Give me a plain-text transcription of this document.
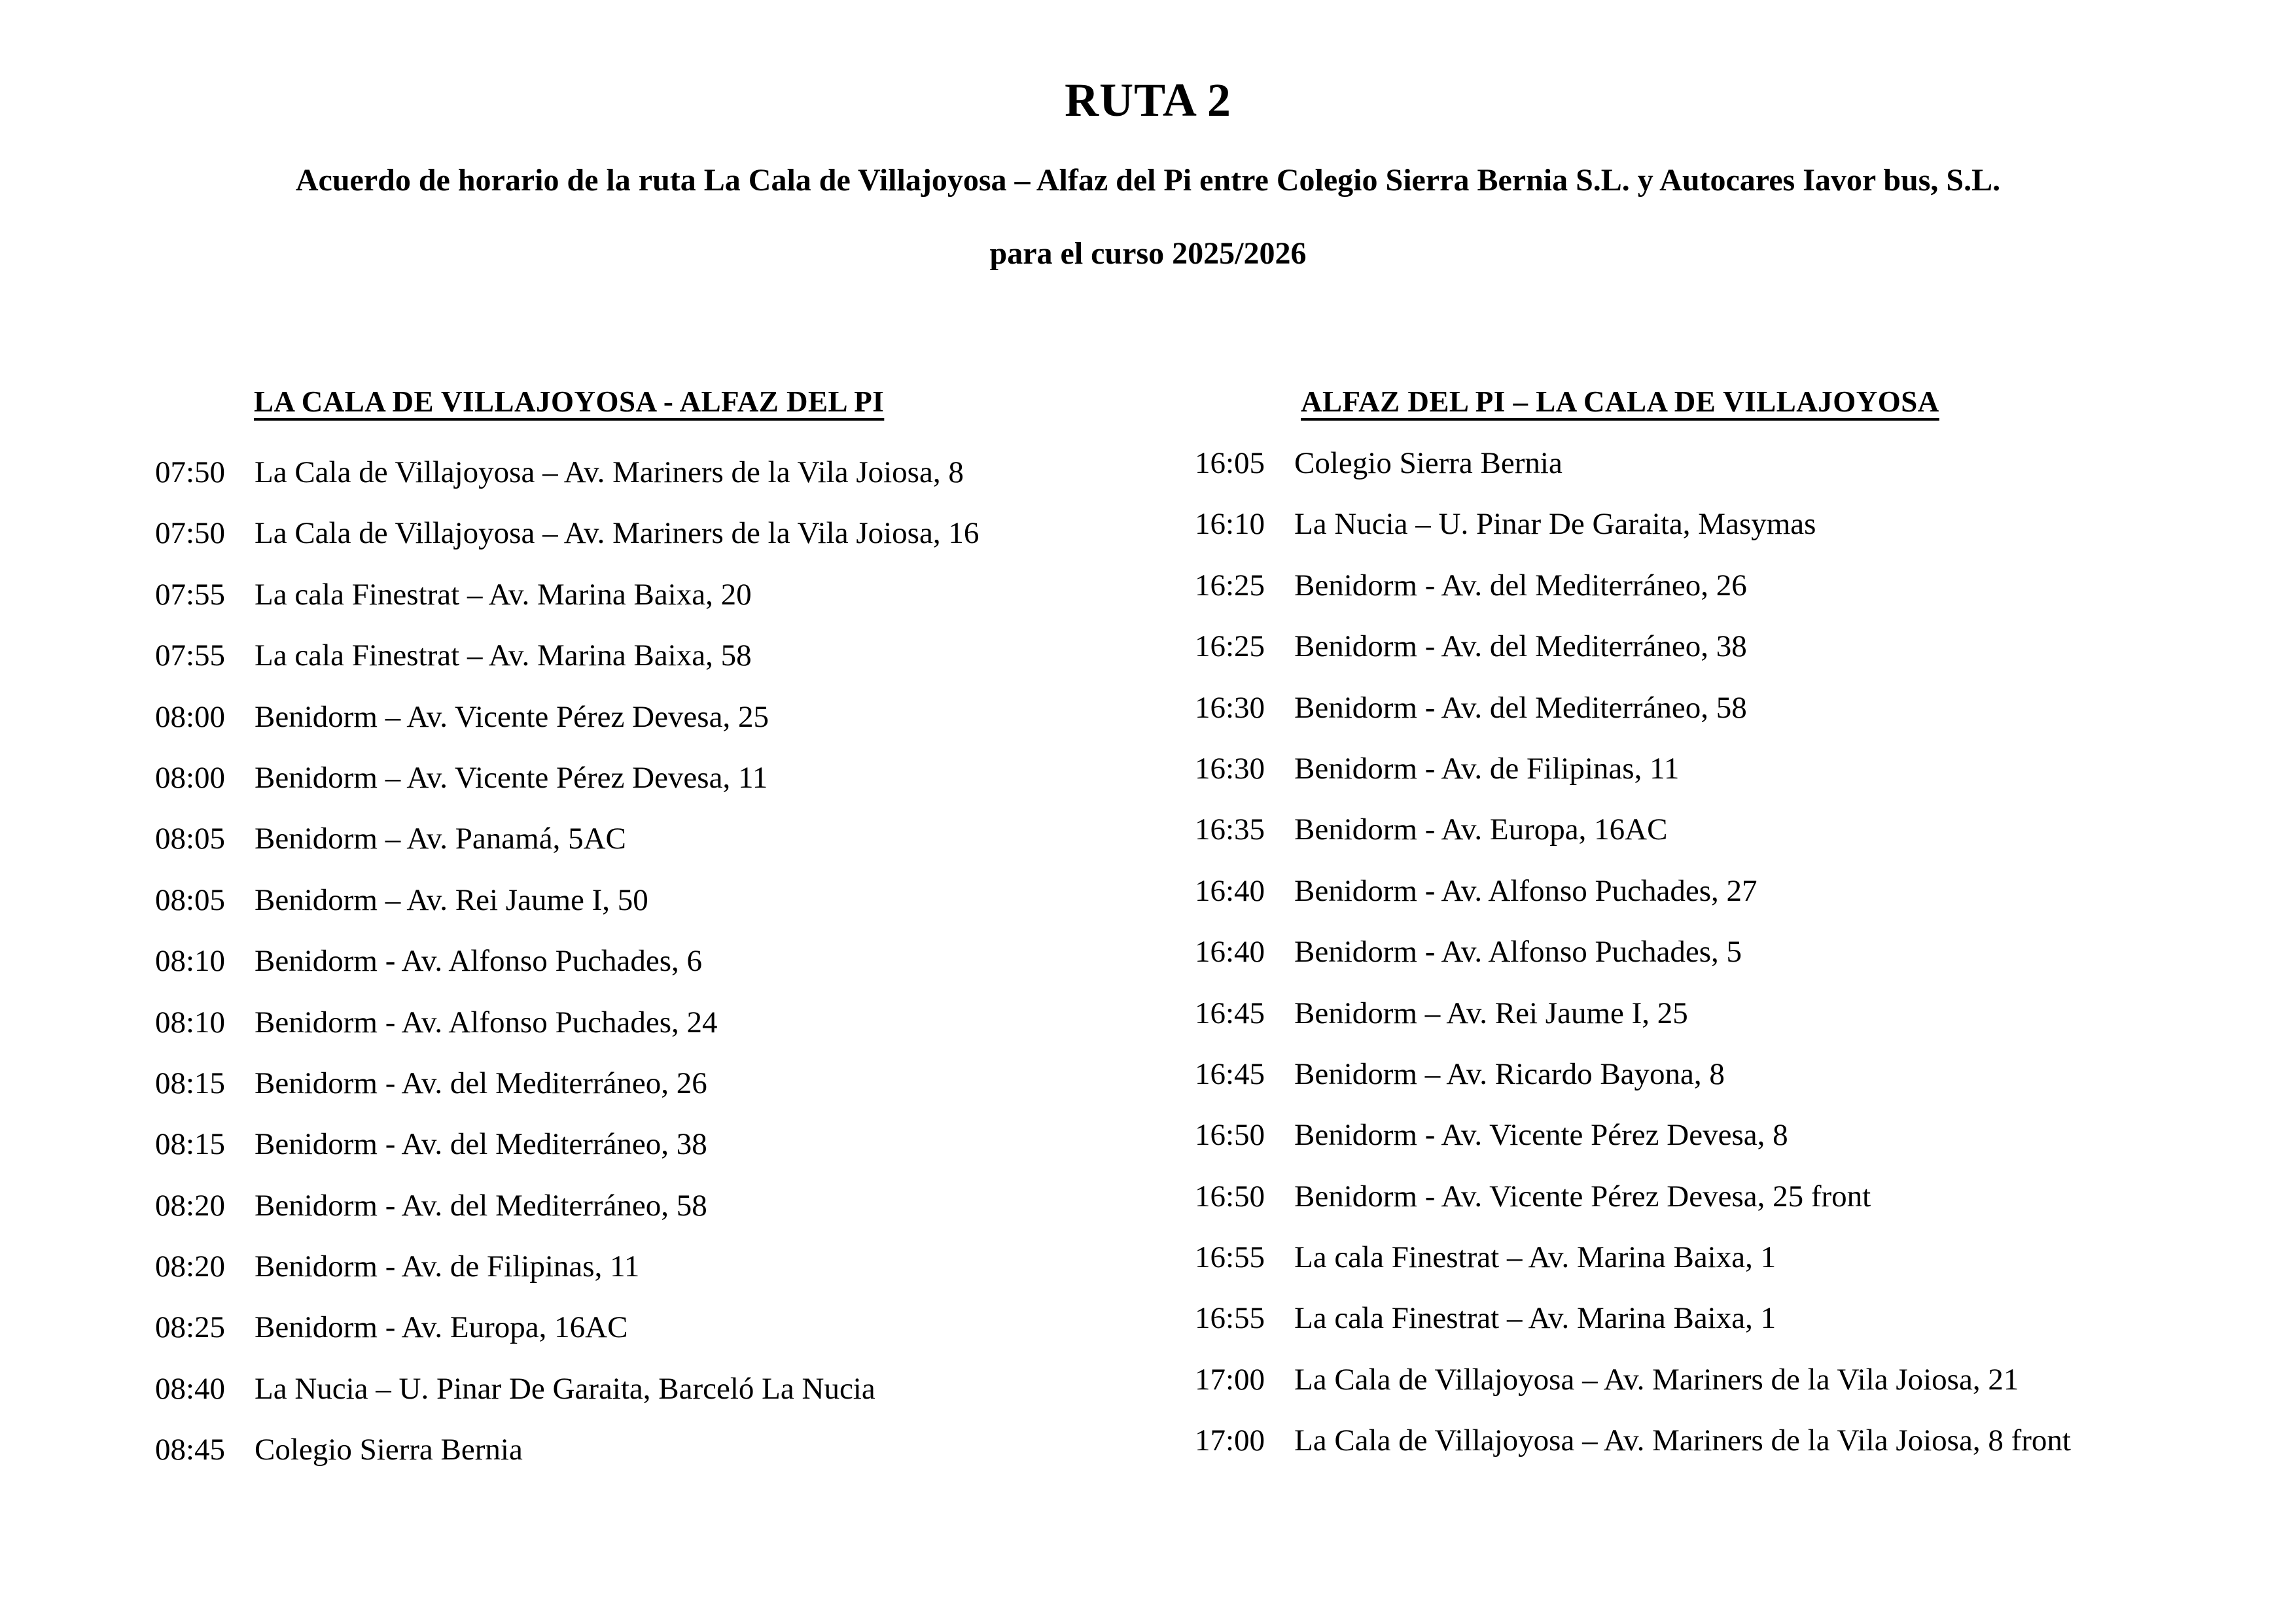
RUTA 2

Acuerdo de horario de la ruta La Cala de Villajoyosa – Alfaz del Pi entre Colegio Sierra Bernia S.L. y Autocares Iavor bus, S.L.

para el curso 2025/2026

LA CALA DE VILLAJOYOSA - ALFAZ DEL PI	ALFAZ DEL PI – LA CALA DE VILLAJOYOSA
07:50 La Cala de Villajoyosa – Av. Mariners de la Vila Joiosa, 8
07:50 La Cala de Villajoyosa – Av. Mariners de la Vila Joiosa, 16
07:55 La cala Finestrat – Av. Marina Baixa, 20
07:55 La cala Finestrat – Av. Marina Baixa, 58
08:00 Benidorm – Av. Vicente Pérez Devesa, 25
08:00 Benidorm – Av. Vicente Pérez Devesa, 11
08:05 Benidorm – Av. Panamá, 5AC
08:05 Benidorm – Av. Rei Jaume I, 50
08:10 Benidorm - Av. Alfonso Puchades, 6
08:10 Benidorm - Av. Alfonso Puchades, 24
08:15 Benidorm - Av. del Mediterráneo, 26
08:15 Benidorm - Av. del Mediterráneo, 38
08:20 Benidorm - Av. del Mediterráneo, 58
08:20 Benidorm - Av. de Filipinas, 11
08:25 Benidorm - Av. Europa, 16AC
08:40 La Nucia – U. Pinar De Garaita, Barceló La Nucia
08:45 Colegio Sierra Bernia
16:05 Colegio Sierra Bernia
16:10 La Nucia – U. Pinar De Garaita, Masymas
16:25 Benidorm - Av. del Mediterráneo, 26
16:25 Benidorm - Av. del Mediterráneo, 38
16:30 Benidorm - Av. del Mediterráneo, 58
16:30 Benidorm - Av. de Filipinas, 11
16:35 Benidorm - Av. Europa, 16AC
16:40 Benidorm - Av. Alfonso Puchades, 27
16:40 Benidorm - Av. Alfonso Puchades, 5
16:45 Benidorm – Av. Rei Jaume I, 25
16:45 Benidorm – Av. Ricardo Bayona, 8
16:50 Benidorm - Av. Vicente Pérez Devesa, 8
16:50 Benidorm - Av. Vicente Pérez Devesa, 25 front
16:55 La cala Finestrat – Av. Marina Baixa, 1
16:55 La cala Finestrat – Av. Marina Baixa, 1
17:00 La Cala de Villajoyosa – Av. Mariners de la Vila Joiosa, 21
17:00 La Cala de Villajoyosa – Av. Mariners de la Vila Joiosa, 8 front
